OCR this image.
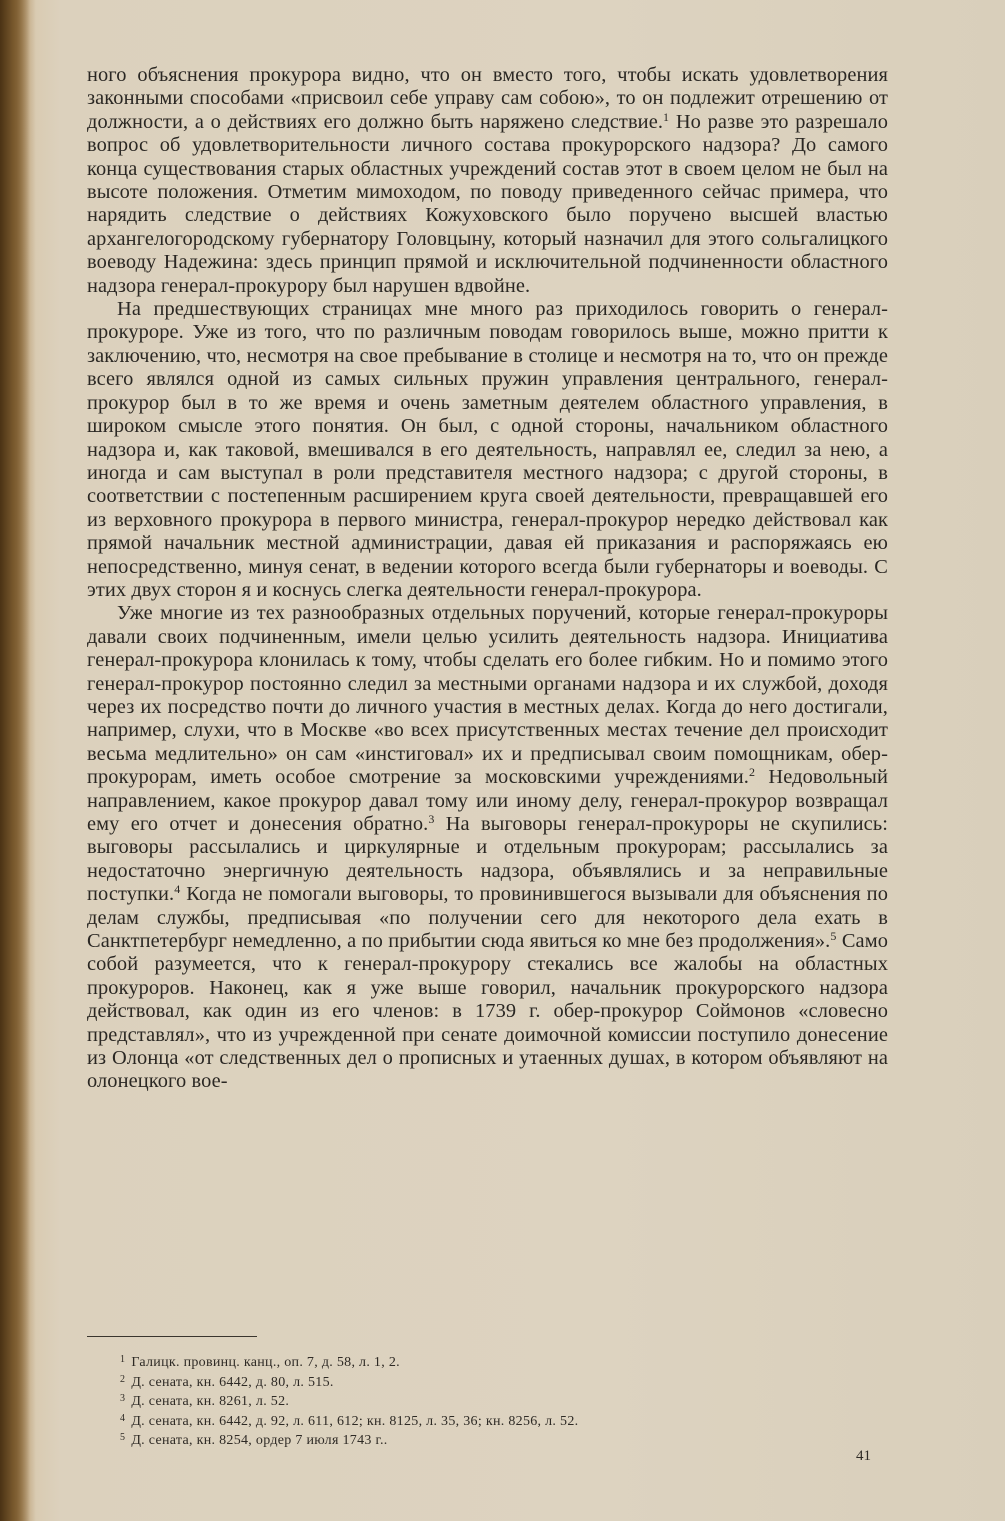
ного объяснения прокурора видно, что он вместо того, чтобы искать удовлетворения законными способами «присвоил себе управу сам собою», то он подлежит отрешению от должности, а о действиях его должно быть наряжено следствие.$^1$ Но разве это разрешало вопрос об удовлетворительности личного состава прокурорского надзора? До самого конца существования старых областных учреждений состав этот в своем целом не был на высоте положения. Отметим мимоходом, по поводу приведенного сейчас примера, что нарядить следствие о действиях Кожуховского было поручено высшей властью архангелогородскому губернатору Головцыну, который назначил для этого сольгалицкого воеводу Надежина: здесь принцип прямой и исключительной подчиненности областного надзора генерал-прокурору был нарушен вдвойне.

На предшествующих страницах мне много раз приходилось говорить о генерал-прокуроре. Уже из того, что по различным поводам говорилось выше, можно притти к заключению, что, несмотря на свое пребывание в столице и несмотря на то, что он прежде всего являлся одной из самых сильных пружин управления центрального, генерал-прокурор был в то же время и очень заметным деятелем областного управления, в широком смысле этого понятия. Он был, с одной стороны, начальником областного надзора и, как таковой, вмешивался в его деятельность, направлял ее, следил за нею, а иногда и сам выступал в роли представителя местного надзора; с другой стороны, в соответствии с постепенным расширением круга своей деятельности, превращавшей его из верховного прокурора в первого министра, генерал-прокурор нередко действовал как прямой начальник местной администрации, давая ей приказания и распоряжаясь ею непосредственно, минуя сенат, в ведении которого всегда были губернаторы и воеводы. С этих двух сторон я и коснусь слегка деятельности генерал-прокурора.

Уже многие из тех разнообразных отдельных поручений, которые генерал-прокуроры давали своих подчиненным, имели целью усилить деятельность надзора. Инициатива генерал-прокурора клонилась к тому, чтобы сделать его более гибким. Но и помимо этого генерал-прокурор постоянно следил за местными органами надзора и их службой, доходя через их посредство почти до личного участия в местных делах. Когда до него достигали, например, слухи, что в Москве «во всех присутственных местах течение дел происходит весьма медлительно» он сам «инстиговал» их и предписывал своим помощникам, обер-прокурорам, иметь особое смотрение за московскими учреждениями.$^2$ Недовольный направлением, какое прокурор давал тому или иному делу, генерал-прокурор возвращал ему его отчет и донесения обратно.$^3$ На выговоры генерал-прокуроры не скупились: выговоры рассылались и циркулярные и отдельным прокурорам; рассылались за недостаточно энергичную деятельность надзора, объявлялись и за неправильные поступки.$^4$ Когда не помогали выговоры, то провинившегося вызывали для объяснения по делам службы, предписывая «по получении сего для некоторого дела ехать в Санктпетербург немедленно, а по прибытии сюда явиться ко мне без продолжения».$^5$ Само собой разумеется, что к генерал-прокурору стекались все жалобы на областных прокуроров. Наконец, как я уже выше говорил, начальник прокурорского надзора действовал, как один из его членов: в 1739 г. обер-прокурор Соймонов «словесно представлял», что из учрежденной при сенате доимочной комиссии поступило донесение из Олонца «от следственных дел о прописных и утаенных душах, в котором объявляют на олонецкого вое-

$^1$ Галицк. провинц. канц., оп. 7, д. 58, л. 1, 2.
$^2$ Д. сената, кн. 6442, д. 80, л. 515.
$^3$ Д. сената, кн. 8261, л. 52.
$^4$ Д. сената, кн. 6442, д. 92, л. 611, 612; кн. 8125, л. 35, 36; кн. 8256, л. 52.
$^5$ Д. сената, кн. 8254, ордер 7 июля 1743 г..
41
